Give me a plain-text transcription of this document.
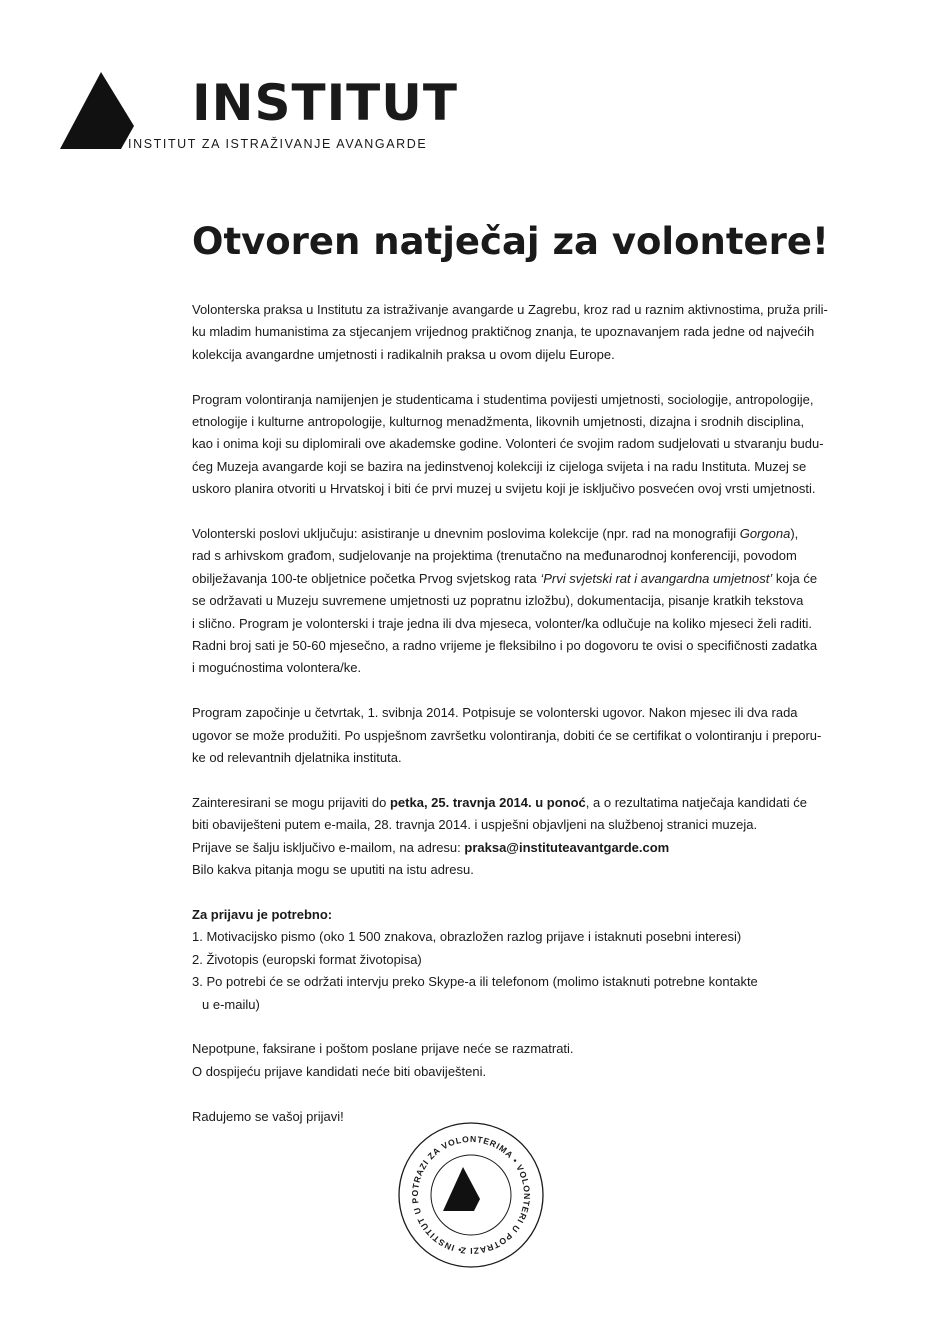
INSTITUT
INSTITUT ZA ISTRAŽIVANJE AVANGARDE
Otvoren natječaj za volontere!

Volonterska praksa u Institutu za istraživanje avangarde u Zagrebu, kroz rad u raznim aktivnostima, pruža prili-
ku mladim humanistima za stjecanjem vrijednog praktičnog znanja, te upoznavanjem rada jedne od najvećih
kolekcija avangardne umjetnosti i radikalnih praksa u ovom dijelu Europe.

Program volontiranja namijenjen je studenticama i studentima povijesti umjetnosti, sociologije, antropologije,
etnologije i kulturne antropologije, kulturnog menadžmenta, likovnih umjetnosti, dizajna i srodnih disciplina,
kao i onima koji su diplomirali ove akademske godine. Volonteri će svojim radom sudjelovati u stvaranju budu-
ćeg Muzeja avangarde koji se bazira na jedinstvenoj kolekciji iz cijeloga svijeta i na radu Instituta. Muzej se
uskoro planira otvoriti u Hrvatskoj i biti će prvi muzej u svijetu koji je isključivo posvećen ovoj vrsti umjetnosti.

Volonterski poslovi uključuju: asistiranje u dnevnim poslovima kolekcije (npr. rad na monografiji Gorgona),
rad s arhivskom građom, sudjelovanje na projektima (trenutačno na međunarodnoj konferenciji, povodom
obilježavanja 100-te obljetnice početka Prvog svjetskog rata ‘Prvi svjetski rat i avangardna umjetnost’ koja će
se održavati u Muzeju suvremene umjetnosti uz popratnu izložbu), dokumentacija, pisanje kratkih tekstova
i slično. Program je volonterski i traje jedna ili dva mjeseca, volonter/ka odlučuje na koliko mjeseci želi raditi.
Radni broj sati je 50-60 mjesečno, a radno vrijeme je fleksibilno i po dogovoru te ovisi o specifičnosti zadatka
i mogućnostima volontera/ke.

Program započinje u četvrtak, 1. svibnja 2014. Potpisuje se volonterski ugovor. Nakon mjesec ili dva rada
ugovor se može produžiti. Po uspješnom završetku volontiranja, dobiti će se certifikat o volontiranju i preporu-
ke od relevantnih djelatnika instituta.

Zainteresirani se mogu prijaviti do petka, 25. travnja 2014. u ponoć, a o rezultatima natječaja kandidati će
biti obaviješteni putem e-maila, 28. travnja 2014. i uspješni objavljeni na službenoj stranici muzeja.
Prijave se šalju isključivo e-mailom, na adresu: praksa@instituteavantgarde.com
Bilo kakva pitanja mogu se uputiti na istu adresu.

Za prijavu je potrebno:
1. Motivacijsko pismo (oko 1 500 znakova, obrazložen razlog prijave i istaknuti posebni interesi)
2. Životopis (europski format životopisa)
3. Po potrebi će se održati intervju preko Skype-a ili telefonom (molimo istaknuti potrebne kontakte
u e-mailu)

Nepotpune, faksirane i poštom poslane prijave neće se razmatrati.
O dospijeću prijave kandidati neće biti obaviješteni.

Radujemo se vašoj prijavi!

• INSTITUT U POTRAZI ZA VOLONTERIMA • VOLONTERI U POTRAZI ZA
